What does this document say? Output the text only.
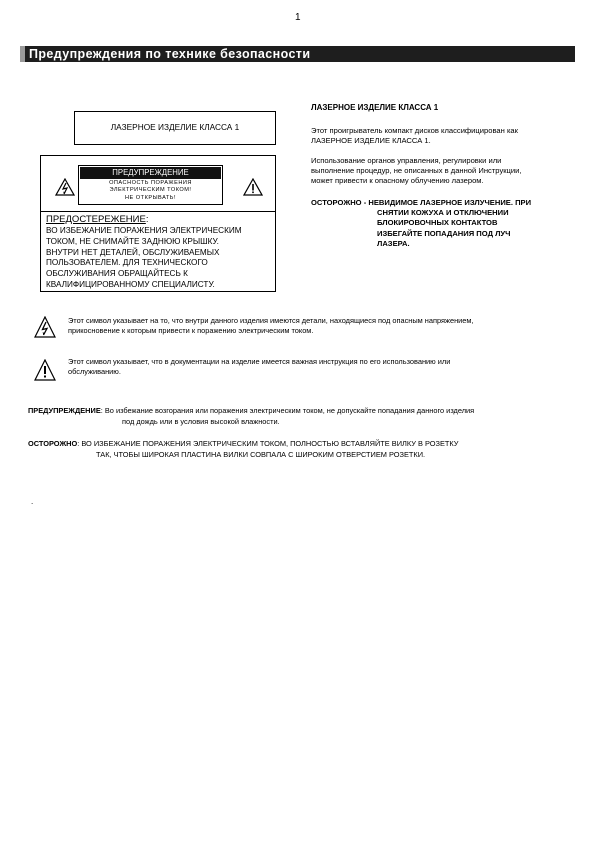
1
Предупреждения по технике безопасности
ЛАЗЕРНОЕ ИЗДЕЛИЕ КЛАССА 1
ПРЕДУПРЕЖДЕНИЕ
ОПАСНОСТЬ ПОРАЖЕНИЯ
ЭЛЕКТРИЧЕСКИМ ТОКОМ!
НЕ ОТКРЫВАТЬ!
ПРЕДОСТЕРЕЖЕНИЕ:
ВО ИЗБЕЖАНИЕ ПОРАЖЕНИЯ ЭЛЕКТРИЧЕСКИМ
ТОКОМ, НЕ СНИМАЙТЕ ЗАДНЮЮ КРЫШКУ.
ВНУТРИ НЕТ ДЕТАЛЕЙ, ОБСЛУЖИВАЕМЫХ
ПОЛЬЗОВАТЕЛЕМ. ДЛЯ ТЕХНИЧЕСКОГО
ОБСЛУЖИВАНИЯ ОБРАЩАЙТЕСЬ К
КВАЛИФИЦИРОВАННОМУ СПЕЦИАЛИСТУ.
ЛАЗЕРНОЕ ИЗДЕЛИЕ КЛАССА 1
Этот проигрыватель компакт дисков классифицирован как
ЛАЗЕРНОЕ ИЗДЕЛИЕ КЛАССА 1.
Использование органов управления, регулировки или
выполнение процедур, не описанных в данной Инструкции,
может привести к опасному облучению лазером.
ОСТОРОЖНО - НЕВИДИМОЕ ЛАЗЕРНОЕ ИЗЛУЧЕНИЕ. ПРИ
СНЯТИИ КОЖУХА И ОТКЛЮЧЕНИИ
БЛОКИРОВОЧНЫХ КОНТАКТОВ
ИЗБЕГАЙТЕ ПОПАДАНИЯ ПОД ЛУЧ
ЛАЗЕРА.
Этот символ указывает на то, что внутри данного изделия имеются детали, находящиеся под опасным напряжением,
прикосновение к которым привести к поражению электрическим током.
Этот символ указывает, что в документации на изделие имеется важная инструкция по его использованию или
обслуживанию.
ПРЕДУПРЕЖДЕНИЕ: Во избежание возгорания или поражения электрическим током, не допускайте попадания данного изделия
под дождь или в условия высокой влажности.
ОСТОРОЖНО: ВО ИЗБЕЖАНИЕ ПОРАЖЕНИЯ ЭЛЕКТРИЧЕСКИМ ТОКОМ, ПОЛНОСТЬЮ ВСТАВЛЯЙТЕ ВИЛКУ В РОЗЕТКУ
ТАК, ЧТОБЫ ШИРОКАЯ ПЛАСТИНА ВИЛКИ СОВПАЛА С ШИРОКИМ ОТВЕРСТИЕМ РОЗЕТКИ.
.
